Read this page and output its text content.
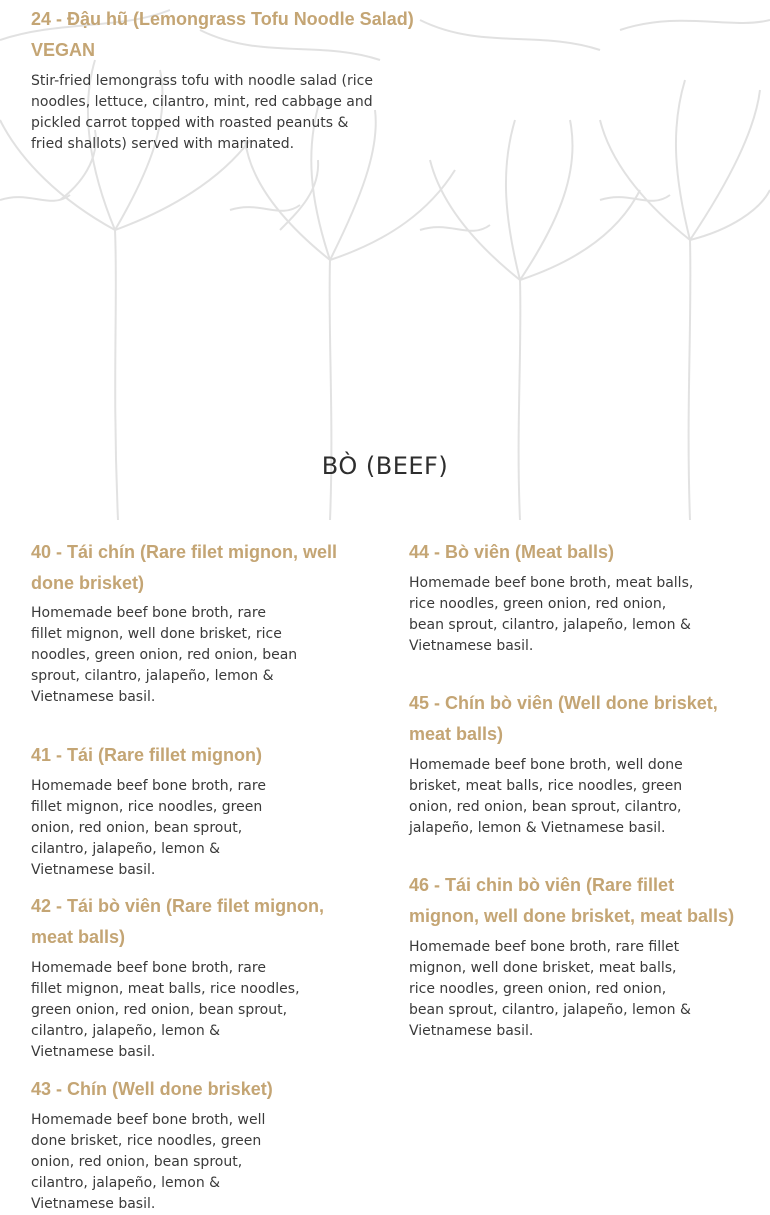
24 - Đậu hũ (Lemongrass Tofu Noodle Salad)
VEGAN

Stir-fried lemongrass tofu with noodle salad (rice noodles, lettuce, cilantro, mint, red cabbage and pickled carrot topped with roasted peanuts & fried shallots) served with marinated.

BÒ (BEEF)
40 - Tái chín (Rare filet mignon, well done brisket)

Homemade beef bone broth, rare fillet mignon, well done brisket, rice noodles, green onion, red onion, bean sprout, cilantro, jalapeño, lemon & Vietnamese basil.

41 - Tái (Rare fillet mignon)

Homemade beef bone broth, rare fillet mignon, rice noodles, green onion, red onion, bean sprout, cilantro, jalapeño, lemon & Vietnamese basil.

42 - Tái bò viên (Rare filet mignon, meat balls)

Homemade beef bone broth, rare fillet mignon, meat balls, rice noodles, green onion, red onion, bean sprout, cilantro, jalapeño, lemon & Vietnamese basil.

43 - Chín (Well done brisket)

Homemade beef bone broth, well done brisket, rice noodles, green onion, red onion, bean sprout, cilantro, jalapeño, lemon & Vietnamese basil.

44 - Bò viên (Meat balls)

Homemade beef bone broth, meat balls, rice noodles, green onion, red onion, bean sprout, cilantro, jalapeño, lemon & Vietnamese basil.

45 - Chín bò viên (Well done brisket, meat balls)

Homemade beef bone broth, well done brisket, meat balls, rice noodles, green onion, red onion, bean sprout, cilantro, jalapeño, lemon & Vietnamese basil.

46 - Tái chin bò viên (Rare fillet mignon, well done brisket, meat balls)

Homemade beef bone broth, rare fillet mignon, well done brisket, meat balls, rice noodles, green onion, red onion, bean sprout, cilantro, jalapeño, lemon & Vietnamese basil.
